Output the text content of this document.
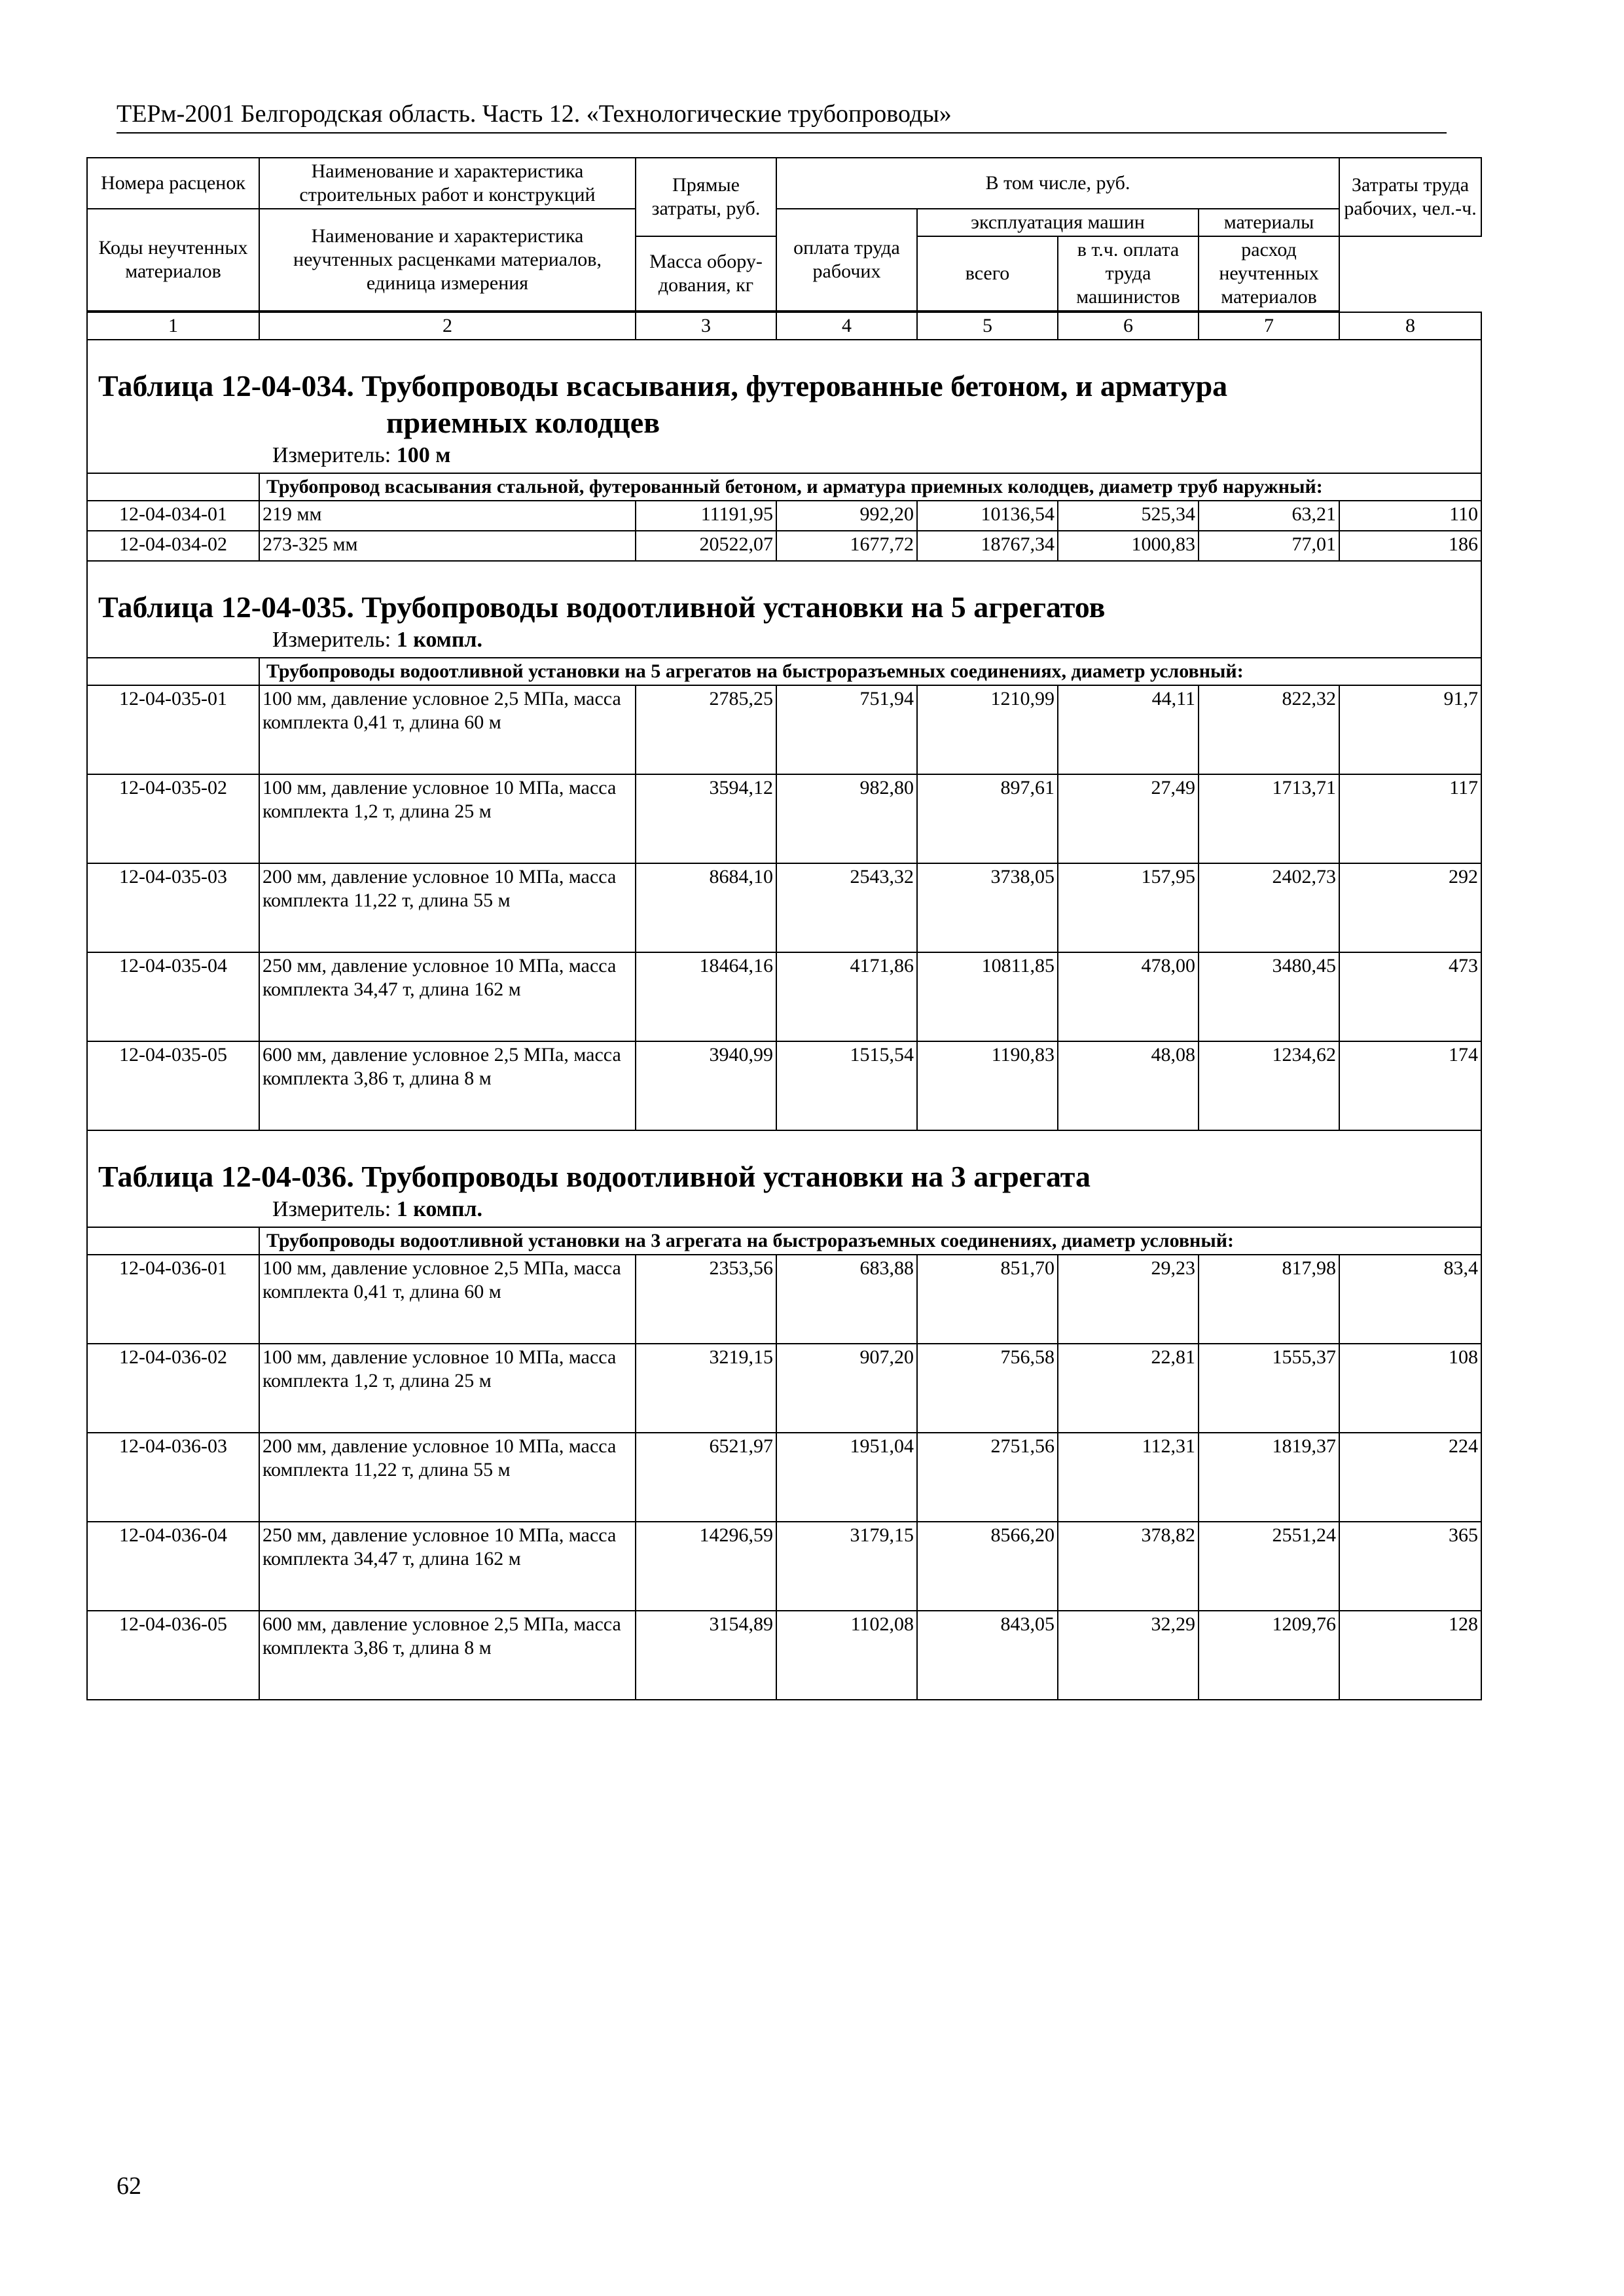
ТЕРм-2001 Белгородская область. Часть 12. «Технологические трубопроводы»
Номера расценок	Наименование и характеристика строительных работ и конструкций	Прямые затраты, руб.	В том числе, руб.				Затраты труда рабочих, чел.-ч.
Коды неучтенных материалов	Наименование и характеристика неучтенных расценками материалов, единица измерения		оплата труда рабочих	эксплуатация машин		материалы	
				всего	в т.ч. оплата труда машинистов	расход неучтенных материалов	
		Масса обору-дования, кг					

1	2	3	4	5	6	7	8

Таблица 12-04-034. Трубопроводы всасывания, футерованные бетоном, и арматура
приемных колодцев
Измеритель: 100 м							

	Трубопровод всасывания стальной, футерованный бетоном, и арматура приемных колодцев, диаметр труб наружный:						
12-04-034-01	219 мм	11191,95	992,20	10136,54	525,34	63,21	110
12-04-034-02	273-325 мм	20522,07	1677,72	18767,34	1000,83	77,01	186

Таблица 12-04-035. Трубопроводы водоотливной установки на 5 агрегатов
Измеритель: 1 компл.							

	Трубопроводы водоотливной установки на 5 агрегатов на быстроразъемных соединениях, диаметр условный:						
12-04-035-01	100 мм, давление условное 2,5 МПа, масса комплекта 0,41 т, длина 60 м	2785,25	751,94	1210,99	44,11	822,32	91,7
12-04-035-02	100 мм, давление условное 10 МПа, масса комплекта 1,2 т, длина 25 м	3594,12	982,80	897,61	27,49	1713,71	117
12-04-035-03	200 мм, давление условное 10 МПа, масса комплекта 11,22 т, длина 55 м	8684,10	2543,32	3738,05	157,95	2402,73	292
12-04-035-04	250 мм, давление условное 10 МПа, масса комплекта 34,47 т, длина 162 м	18464,16	4171,86	10811,85	478,00	3480,45	473
12-04-035-05	600 мм, давление условное 2,5 МПа, масса комплекта 3,86 т, длина 8 м	3940,99	1515,54	1190,83	48,08	1234,62	174

Таблица 12-04-036. Трубопроводы водоотливной установки на 3 агрегата
Измеритель: 1 компл.							

	Трубопроводы водоотливной установки на 3 агрегата на быстроразъемных соединениях, диаметр условный:						
12-04-036-01	100 мм, давление условное 2,5 МПа, масса комплекта 0,41 т, длина 60 м	2353,56	683,88	851,70	29,23	817,98	83,4
12-04-036-02	100 мм, давление условное 10 МПа, масса комплекта 1,2 т, длина 25 м	3219,15	907,20	756,58	22,81	1555,37	108
12-04-036-03	200 мм, давление условное 10 МПа, масса комплекта 11,22 т, длина 55 м	6521,97	1951,04	2751,56	112,31	1819,37	224
12-04-036-04	250 мм, давление условное 10 МПа, масса комплекта 34,47 т, длина 162 м	14296,59	3179,15	8566,20	378,82	2551,24	365
12-04-036-05	600 мм, давление условное 2,5 МПа, масса комплекта 3,86 т, длина 8 м	3154,89	1102,08	843,05	32,29	1209,76	128
62
